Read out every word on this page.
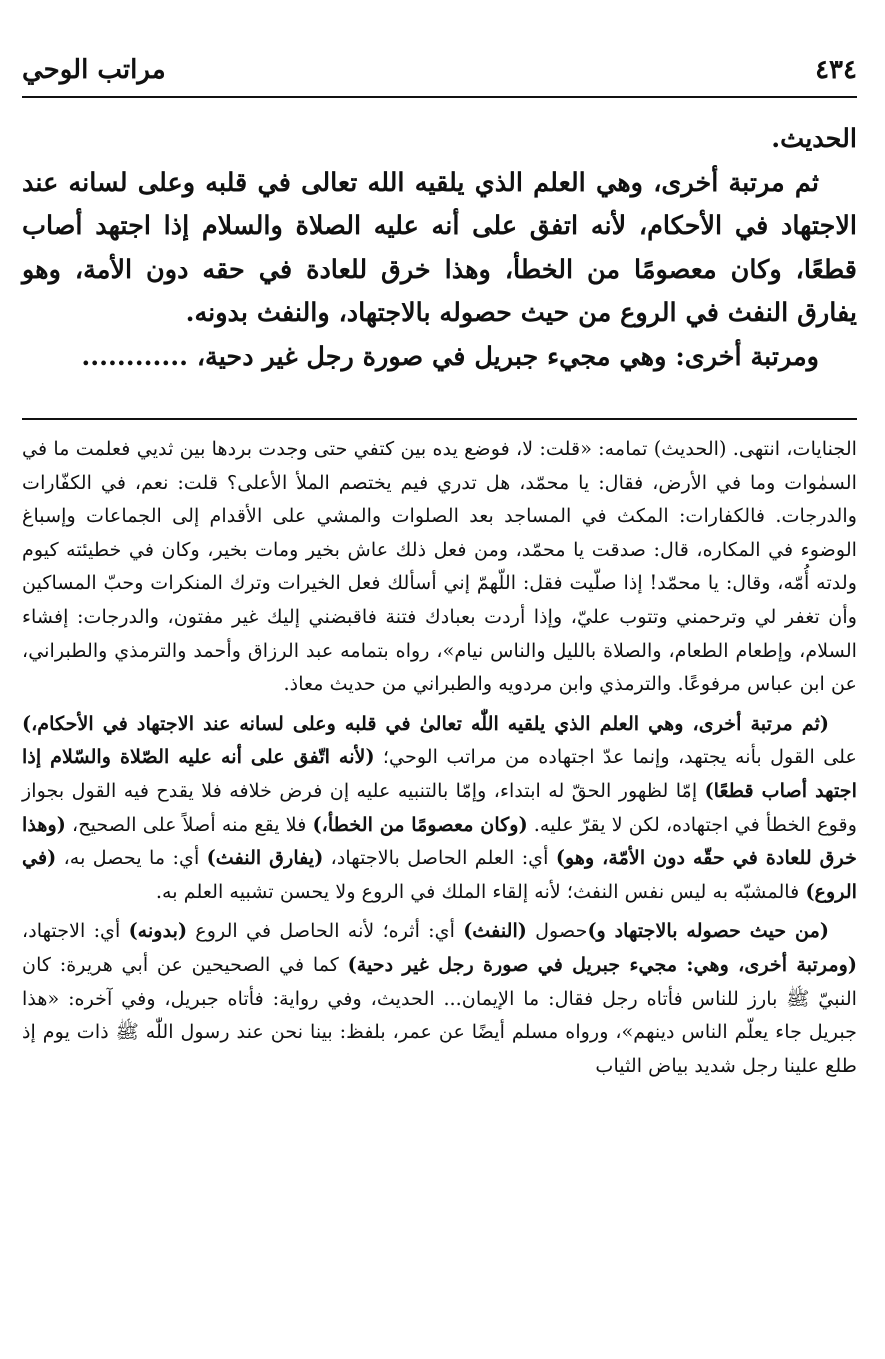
٤٣٤
مراتب الوحي

الحديث.

ثم مرتبة أخرى، وهي العلم الذي يلقيه الله تعالى في قلبه وعلى لسانه عند الاجتهاد في الأحكام، لأنه اتفق على أنه عليه الصلاة والسلام إذا اجتهد أصاب قطعًا، وكان معصومًا من الخطأ، وهذا خرق للعادة في حقه دون الأمة، وهو يفارق النفث في الروع من حيث حصوله بالاجتهاد، والنفث بدونه.

ومرتبة أخرى: وهي مجيء جبريل في صورة رجل غير دحية، ............

الجنايات، انتهى. (الحديث) تمامه: «قلت: لا، فوضع يده بين كتفي حتى وجدت بردها بين ثديي فعلمت ما في السمٰوات وما في الأرض، فقال: يا محمّد، هل تدري فيم يختصم الملأ الأعلى؟ قلت: نعم، في الكفّارات والدرجات. فالكفارات: المكث في المساجد بعد الصلوات والمشي على الأقدام إلى الجماعات وإسباغ الوضوء في المكاره، قال: صدقت يا محمّد، ومن فعل ذلك عاش بخير ومات بخير، وكان في خطيئته كيوم ولدته أُمّه، وقال: يا محمّد! إذا صلّيت فقل: اللّهمّ إني أسألك فعل الخيرات وترك المنكرات وحبّ المساكين وأن تغفر لي وترحمني وتتوب عليّ، وإذا أردت بعبادك فتنة فاقبضني إليك غير مفتون، والدرجات: إفشاء السلام، وإطعام الطعام، والصلاة بالليل والناس نيام»، رواه بتمامه عبد الرزاق وأحمد والترمذي والطبراني، عن ابن عباس مرفوعًا. والترمذي وابن مردويه والطبراني من حديث معاذ.

(ثم مرتبة أخرى، وهي العلم الذي يلقيه اللّٰه تعالىٰ في قلبه وعلى لسانه عند الاجتهاد في الأحكام،) على القول بأنه يجتهد، وإنما عدّ اجتهاده من مراتب الوحي؛ (لأنه اتّفق على أنه عليه الصّلاة والسّلام إذا اجتهد أصاب قطعًا) إمّا لظهور الحقّ له ابتداء، وإمّا بالتنبيه عليه إن فرض خلافه فلا يقدح فيه القول بجواز وقوع الخطأ في اجتهاده، لكن لا يقرّ عليه. (وكان معصومًا من الخطأ،) فلا يقع منه أصلاً على الصحيح، (وهذا خرق للعادة في حقّه دون الأمّة، وهو) أي: العلم الحاصل بالاجتهاد، (يفارق النفث) أي: ما يحصل به، (في الروع) فالمشبّه به ليس نفس النفث؛ لأنه إلقاء الملك في الروع ولا يحسن تشبيه العلم به.

(من حيث حصوله بالاجتهاد و)حصول (النفث) أي: أثره؛ لأنه الحاصل في الروع (بدونه) أي: الاجتهاد، (ومرتبة أخرى، وهي: مجيء جبريل في صورة رجل غير دحية) كما في الصحيحين عن أبي هريرة: كان النبيّ ﷺ بارز للناس فأتاه رجل فقال: ما الإيمان... الحديث، وفي رواية: فأتاه جبريل، وفي آخره: «هذا جبريل جاء يعلّم الناس دينهم»، ورواه مسلم أيضًا عن عمر، بلفظ: بينا نحن عند رسول اللّٰه ﷺ ذات يوم إذ طلع علينا رجل شديد بياض الثياب
